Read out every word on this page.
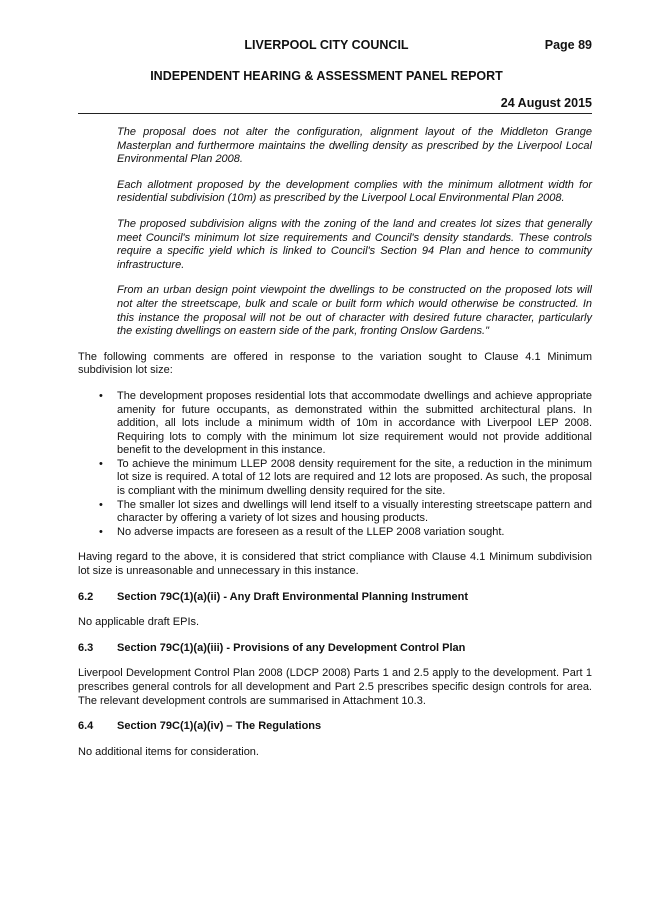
LIVERPOOL CITY COUNCIL	Page 89
INDEPENDENT HEARING & ASSESSMENT PANEL REPORT
24 August 2015

The proposal does not alter the configuration, alignment layout of the Middleton Grange Masterplan and furthermore maintains the dwelling density as prescribed by the Liverpool Local Environmental Plan 2008.

Each allotment proposed by the development complies with the minimum allotment width for residential subdivision (10m) as prescribed by the Liverpool Local Environmental Plan 2008.

The proposed subdivision aligns with the zoning of the land and creates lot sizes that generally meet Council's minimum lot size requirements and Council's density standards. These controls require a specific yield which is linked to Council's Section 94 Plan and hence to community infrastructure.

From an urban design point viewpoint the dwellings to be constructed on the proposed lots will not alter the streetscape, bulk and scale or built form which would otherwise be constructed. In this instance the proposal will not be out of character with desired future character, particularly the existing dwellings on eastern side of the park, fronting Onslow Gardens."

The following comments are offered in response to the variation sought to Clause 4.1 Minimum subdivision lot size:

• The development proposes residential lots that accommodate dwellings and achieve appropriate amenity for future occupants, as demonstrated within the submitted architectural plans. In addition, all lots include a minimum width of 10m in accordance with Liverpool LEP 2008. Requiring lots to comply with the minimum lot size requirement would not provide additional benefit to the development in this instance.
• To achieve the minimum LLEP 2008 density requirement for the site, a reduction in the minimum lot size is required. A total of 12 lots are required and 12 lots are proposed. As such, the proposal is compliant with the minimum dwelling density required for the site.
• The smaller lot sizes and dwellings will lend itself to a visually interesting streetscape pattern and character by offering a variety of lot sizes and housing products.
• No adverse impacts are foreseen as a result of the LLEP 2008 variation sought.

Having regard to the above, it is considered that strict compliance with Clause 4.1 Minimum subdivision lot size is unreasonable and unnecessary in this instance.

6.2 Section 79C(1)(a)(ii) - Any Draft Environmental Planning Instrument

No applicable draft EPIs.

6.3 Section 79C(1)(a)(iii) - Provisions of any Development Control Plan

Liverpool Development Control Plan 2008 (LDCP 2008) Parts 1 and 2.5 apply to the development. Part 1 prescribes general controls for all development and Part 2.5 prescribes specific design controls for area. The relevant development controls are summarised in Attachment 10.3.

6.4 Section 79C(1)(a)(iv) – The Regulations

No additional items for consideration.
